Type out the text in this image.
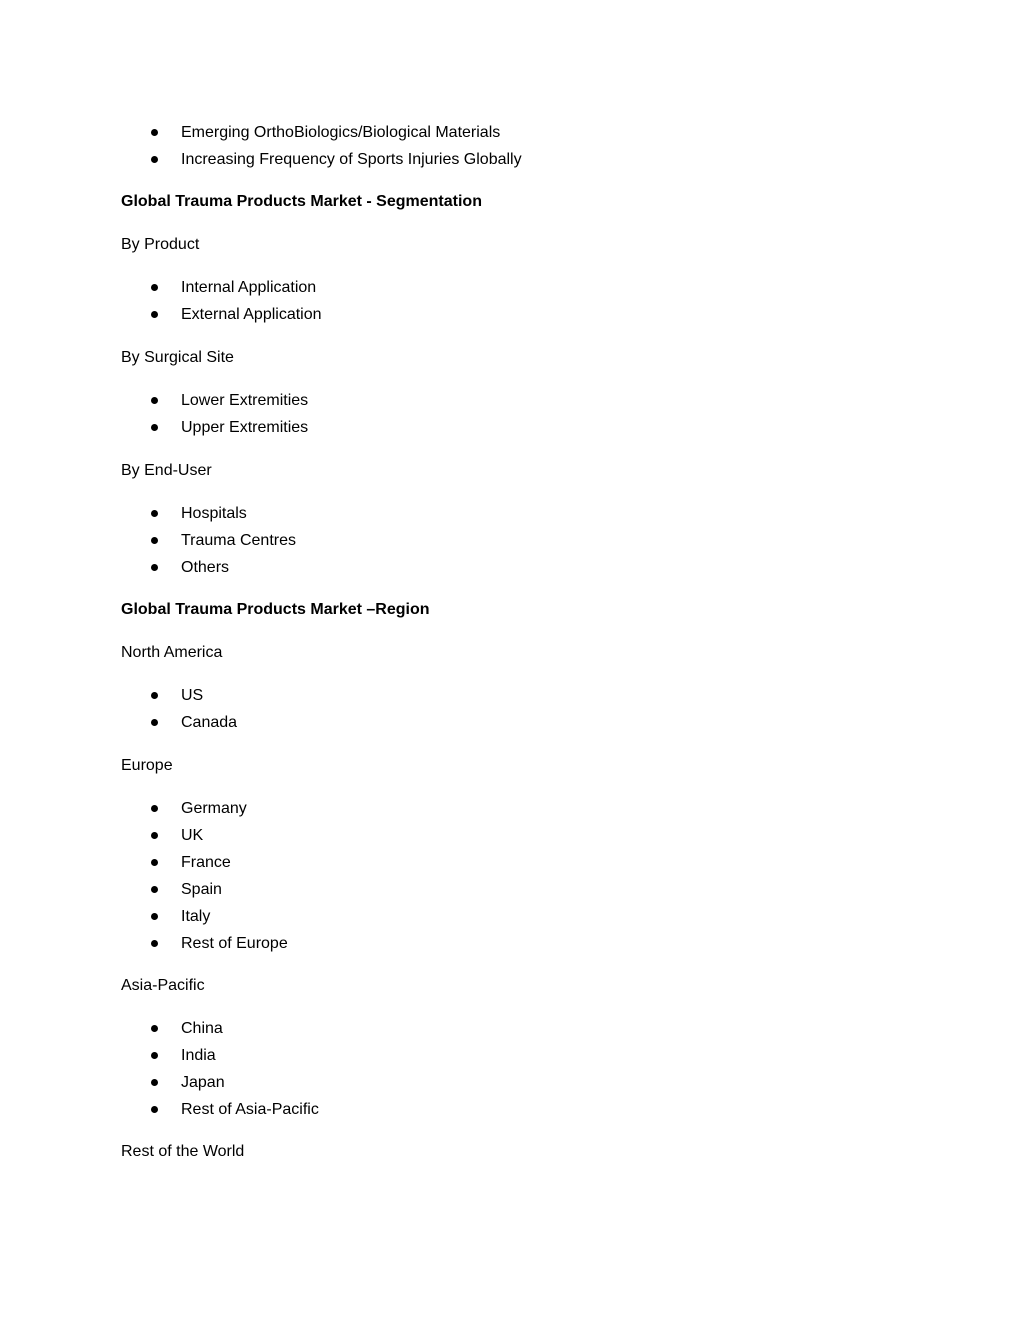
Emerging OrthoBiologics/Biological Materials
Increasing Frequency of Sports Injuries Globally
Global Trauma Products Market - Segmentation
By Product
Internal Application
External Application
By Surgical Site
Lower Extremities
Upper Extremities
By End-User
Hospitals
Trauma Centres
Others
Global Trauma Products Market –Region
North America
US
Canada
Europe
Germany
UK
France
Spain
Italy
Rest of Europe
Asia-Pacific
China
India
Japan
Rest of Asia-Pacific
Rest of the World
